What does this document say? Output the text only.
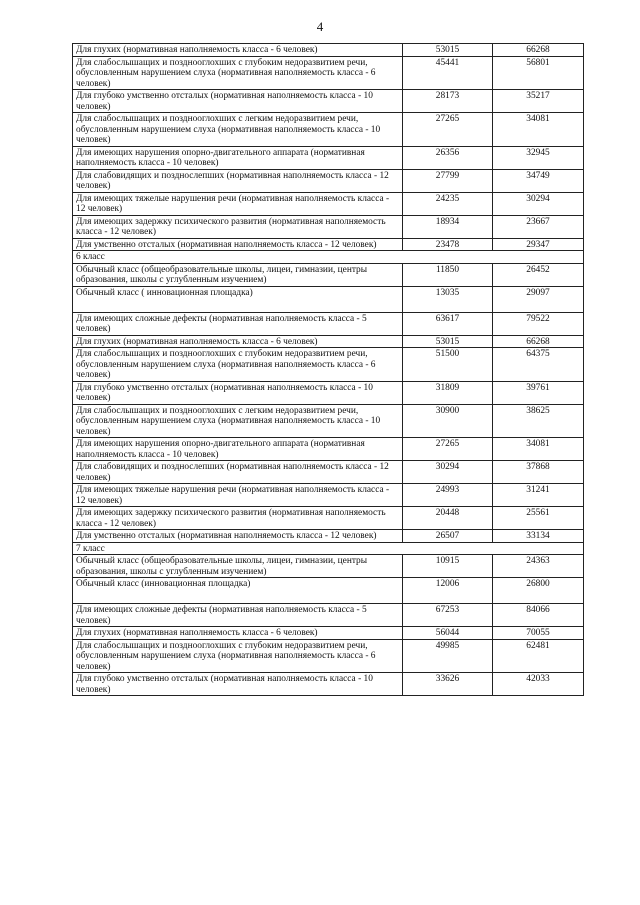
4
Для глухих (нормативная наполняемость класса - 6 человек)	53015	66268
Для слабослышащих и позднооглохших с глубоким недоразвитием речи, обусловленным нарушением слуха (нормативная наполняемость класса - 6 человек)	45441	56801
Для глубоко умственно отсталых (нормативная наполняемость класса - 10 человек)	28173	35217
Для слабослышащих и позднооглохших с легким недоразвитием речи, обусловленным нарушением слуха (нормативная наполняемость класса - 10 человек)	27265	34081
Для имеющих нарушения опорно-двигательного аппарата (нормативная наполняемость класса - 10 человек)	26356	32945
Для слабовидящих и позднослепших (нормативная наполняемость класса - 12 человек)	27799	34749
Для имеющих тяжелые нарушения речи (нормативная наполняемость класса - 12 человек)	24235	30294
Для имеющих задержку психического развития (нормативная наполняемость класса - 12 человек)	18934	23667
Для умственно отсталых (нормативная наполняемость класса - 12 человек)	23478	29347
6 класс		
Обычный класс (общеобразовательные школы, лицеи, гимназии, центры образования, школы с углубленным изучением)	11850	26452
Обычный класс ( инновационная площадка)	13035	29097
Для имеющих сложные дефекты (нормативная наполняемость класса - 5 человек)	63617	79522
Для глухих (нормативная наполняемость класса - 6 человек)	53015	66268
Для слабослышащих и позднооглохших с глубоким недоразвитием речи, обусловленным нарушением слуха (нормативная наполняемость класса - 6 человек)	51500	64375
Для глубоко умственно отсталых (нормативная наполняемость класса - 10 человек)	31809	39761
Для слабослышащих и позднооглохших с легким недоразвитием речи, обусловленным нарушением слуха (нормативная наполняемость класса - 10 человек)	30900	38625
Для имеющих нарушения опорно-двигательного аппарата (нормативная наполняемость класса - 10 человек)	27265	34081
Для слабовидящих и позднослепших (нормативная наполняемость класса - 12 человек)	30294	37868
Для имеющих тяжелые нарушения речи (нормативная наполняемость класса - 12 человек)	24993	31241
Для имеющих задержку психического развития (нормативная наполняемость класса - 12 человек)	20448	25561
Для умственно отсталых (нормативная наполняемость класса - 12 человек)	26507	33134
7 класс		
Обычный класс (общеобразовательные школы, лицеи, гимназии, центры образования, школы с углубленным изучением)	10915	24363
Обычный класс (инновационная площадка)	12006	26800
Для имеющих сложные дефекты (нормативная наполняемость класса - 5 человек)	67253	84066
Для глухих (нормативная наполняемость класса - 6 человек)	56044	70055
Для слабослышащих и позднооглохших с глубоким недоразвитием речи, обусловленным нарушением слуха (нормативная наполняемость класса - 6 человек)	49985	62481
Для глубоко умственно отсталых (нормативная наполняемость класса - 10 человек)	33626	42033
